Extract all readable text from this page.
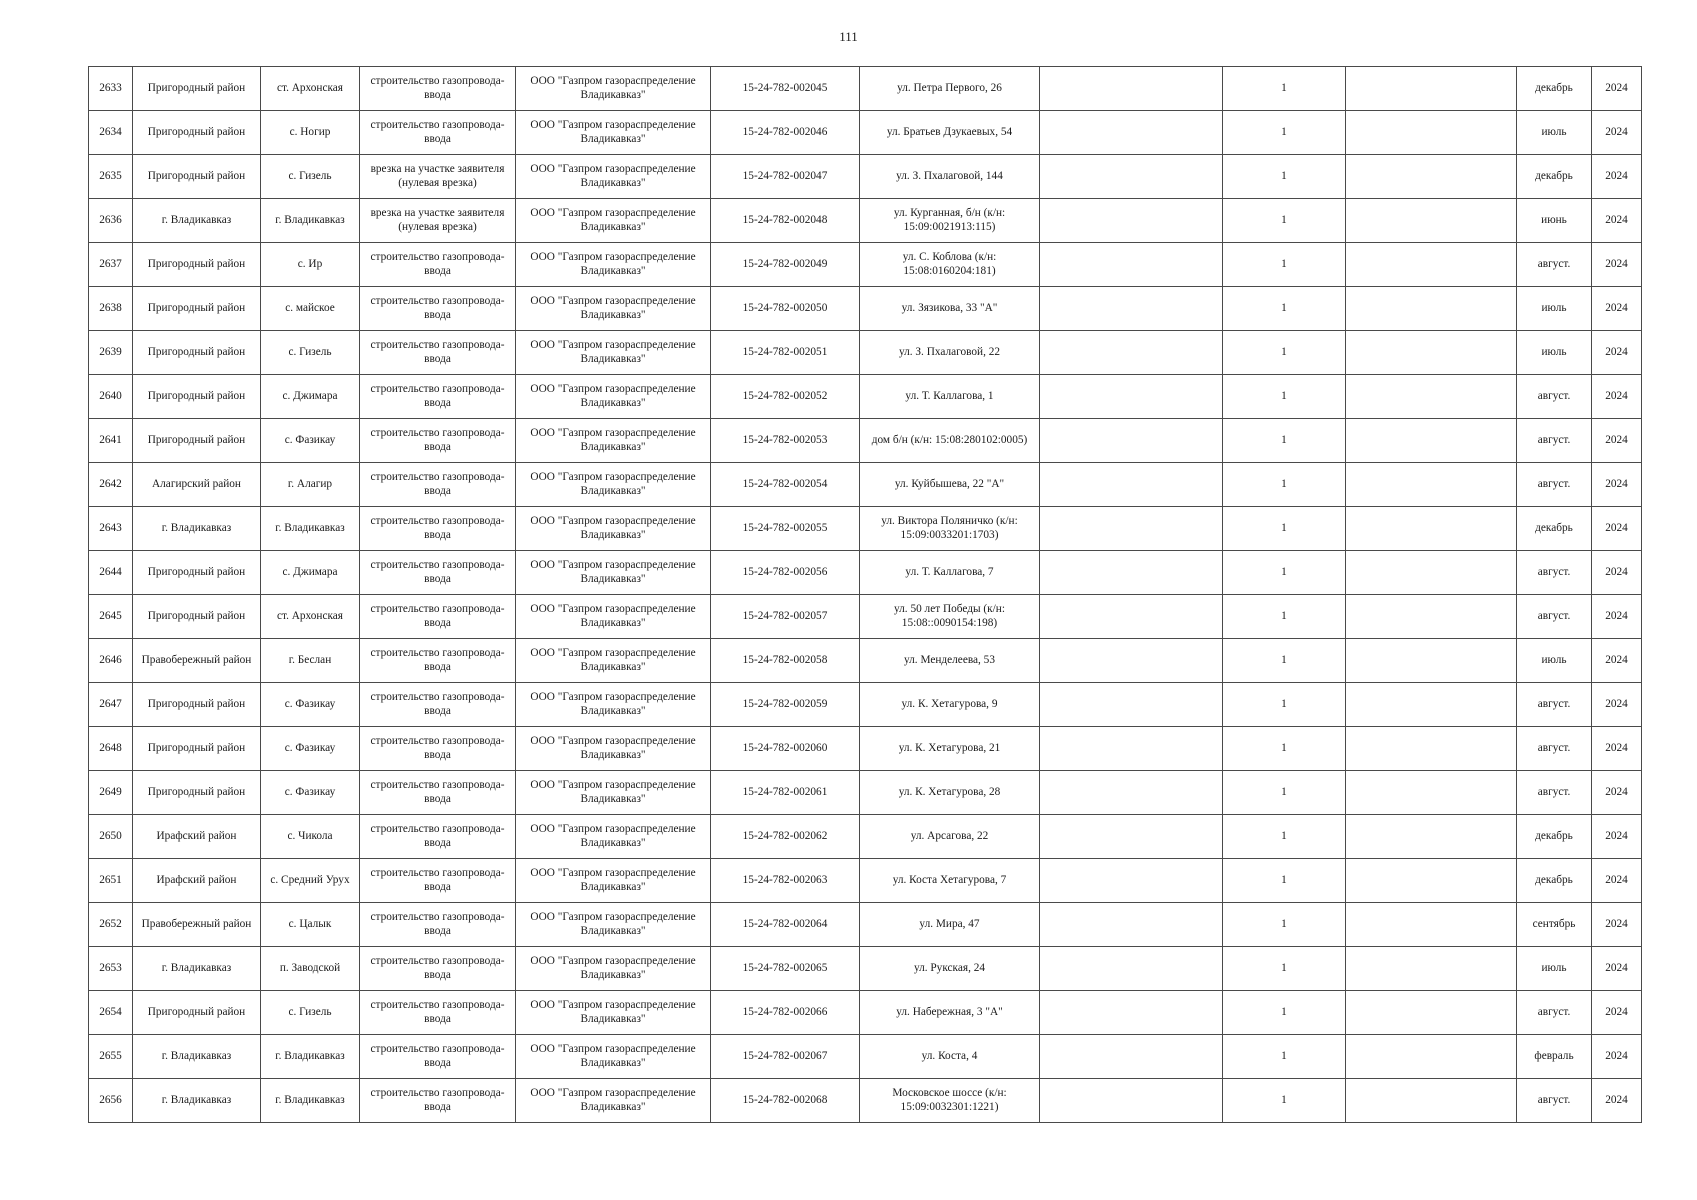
111
2633	Пригородный район	ст. Архонская	строительство газопровода-ввода	ООО "Газпром газораспределение Владикавказ"	15-24-782-002045	ул. Петра Первого, 26		1		декабрь	2024
2634	Пригородный район	с. Ногир	строительство газопровода-ввода	ООО "Газпром газораспределение Владикавказ"	15-24-782-002046	ул. Братьев Дзукаевых, 54		1		июль	2024
2635	Пригородный район	с. Гизель	врезка на участке заявителя (нулевая врезка)	ООО "Газпром газораспределение Владикавказ"	15-24-782-002047	ул. З. Пхалаговой, 144		1		декабрь	2024
2636	г. Владикавказ	г. Владикавказ	врезка на участке заявителя (нулевая врезка)	ООО "Газпром газораспределение Владикавказ"	15-24-782-002048	ул. Курганная, б/н (к/н: 15:09:0021913:115)		1		июнь	2024
2637	Пригородный район	с. Ир	строительство газопровода-ввода	ООО "Газпром газораспределение Владикавказ"	15-24-782-002049	ул. С. Коблова (к/н: 15:08:0160204:181)		1		август.	2024
2638	Пригородный район	с. майское	строительство газопровода-ввода	ООО "Газпром газораспределение Владикавказ"	15-24-782-002050	ул. Зязикова, 33 "А"		1		июль	2024
2639	Пригородный район	с. Гизель	строительство газопровода-ввода	ООО "Газпром газораспределение Владикавказ"	15-24-782-002051	ул. З. Пхалаговой, 22		1		июль	2024
2640	Пригородный район	с. Джимара	строительство газопровода-ввода	ООО "Газпром газораспределение Владикавказ"	15-24-782-002052	ул. Т. Каллагова, 1		1		август.	2024
2641	Пригородный район	с. Фазикау	строительство газопровода-ввода	ООО "Газпром газораспределение Владикавказ"	15-24-782-002053	дом б/н (к/н: 15:08:280102:0005)		1		август.	2024
2642	Алагирский район	г. Алагир	строительство газопровода-ввода	ООО "Газпром газораспределение Владикавказ"	15-24-782-002054	ул. Куйбышева, 22 "А"		1		август.	2024
2643	г. Владикавказ	г. Владикавказ	строительство газопровода-ввода	ООО "Газпром газораспределение Владикавказ"	15-24-782-002055	ул. Виктора Поляничко (к/н: 15:09:0033201:1703)		1		декабрь	2024
2644	Пригородный район	с. Джимара	строительство газопровода-ввода	ООО "Газпром газораспределение Владикавказ"	15-24-782-002056	ул. Т. Каллагова, 7		1		август.	2024
2645	Пригородный район	ст. Архонская	строительство газопровода-ввода	ООО "Газпром газораспределение Владикавказ"	15-24-782-002057	ул. 50 лет Победы (к/н: 15:08::0090154:198)		1		август.	2024
2646	Правобережный район	г. Беслан	строительство газопровода-ввода	ООО "Газпром газораспределение Владикавказ"	15-24-782-002058	ул. Менделеева, 53		1		июль	2024
2647	Пригородный район	с. Фазикау	строительство газопровода-ввода	ООО "Газпром газораспределение Владикавказ"	15-24-782-002059	ул. К. Хетагурова, 9		1		август.	2024
2648	Пригородный район	с. Фазикау	строительство газопровода-ввода	ООО "Газпром газораспределение Владикавказ"	15-24-782-002060	ул. К. Хетагурова, 21		1		август.	2024
2649	Пригородный район	с. Фазикау	строительство газопровода-ввода	ООО "Газпром газораспределение Владикавказ"	15-24-782-002061	ул. К. Хетагурова, 28		1		август.	2024
2650	Ирафский район	с. Чикола	строительство газопровода-ввода	ООО "Газпром газораспределение Владикавказ"	15-24-782-002062	ул. Арсагова, 22		1		декабрь	2024
2651	Ирафский район	с. Средний Урух	строительство газопровода-ввода	ООО "Газпром газораспределение Владикавказ"	15-24-782-002063	ул. Коста Хетагурова, 7		1		декабрь	2024
2652	Правобережный район	с. Цалык	строительство газопровода-ввода	ООО "Газпром газораспределение Владикавказ"	15-24-782-002064	ул. Мира, 47		1		сентябрь	2024
2653	г. Владикавказ	п. Заводской	строительство газопровода-ввода	ООО "Газпром газораспределение Владикавказ"	15-24-782-002065	ул. Рукская, 24		1		июль	2024
2654	Пригородный район	с. Гизель	строительство газопровода-ввода	ООО "Газпром газораспределение Владикавказ"	15-24-782-002066	ул. Набережная, 3 "А"		1		август.	2024
2655	г. Владикавказ	г. Владикавказ	строительство газопровода-ввода	ООО "Газпром газораспределение Владикавказ"	15-24-782-002067	ул. Коста, 4		1		февраль	2024
2656	г. Владикавказ	г. Владикавказ	строительство газопровода-ввода	ООО "Газпром газораспределение Владикавказ"	15-24-782-002068	Московское шоссе (к/н: 15:09:0032301:1221)		1		август.	2024
